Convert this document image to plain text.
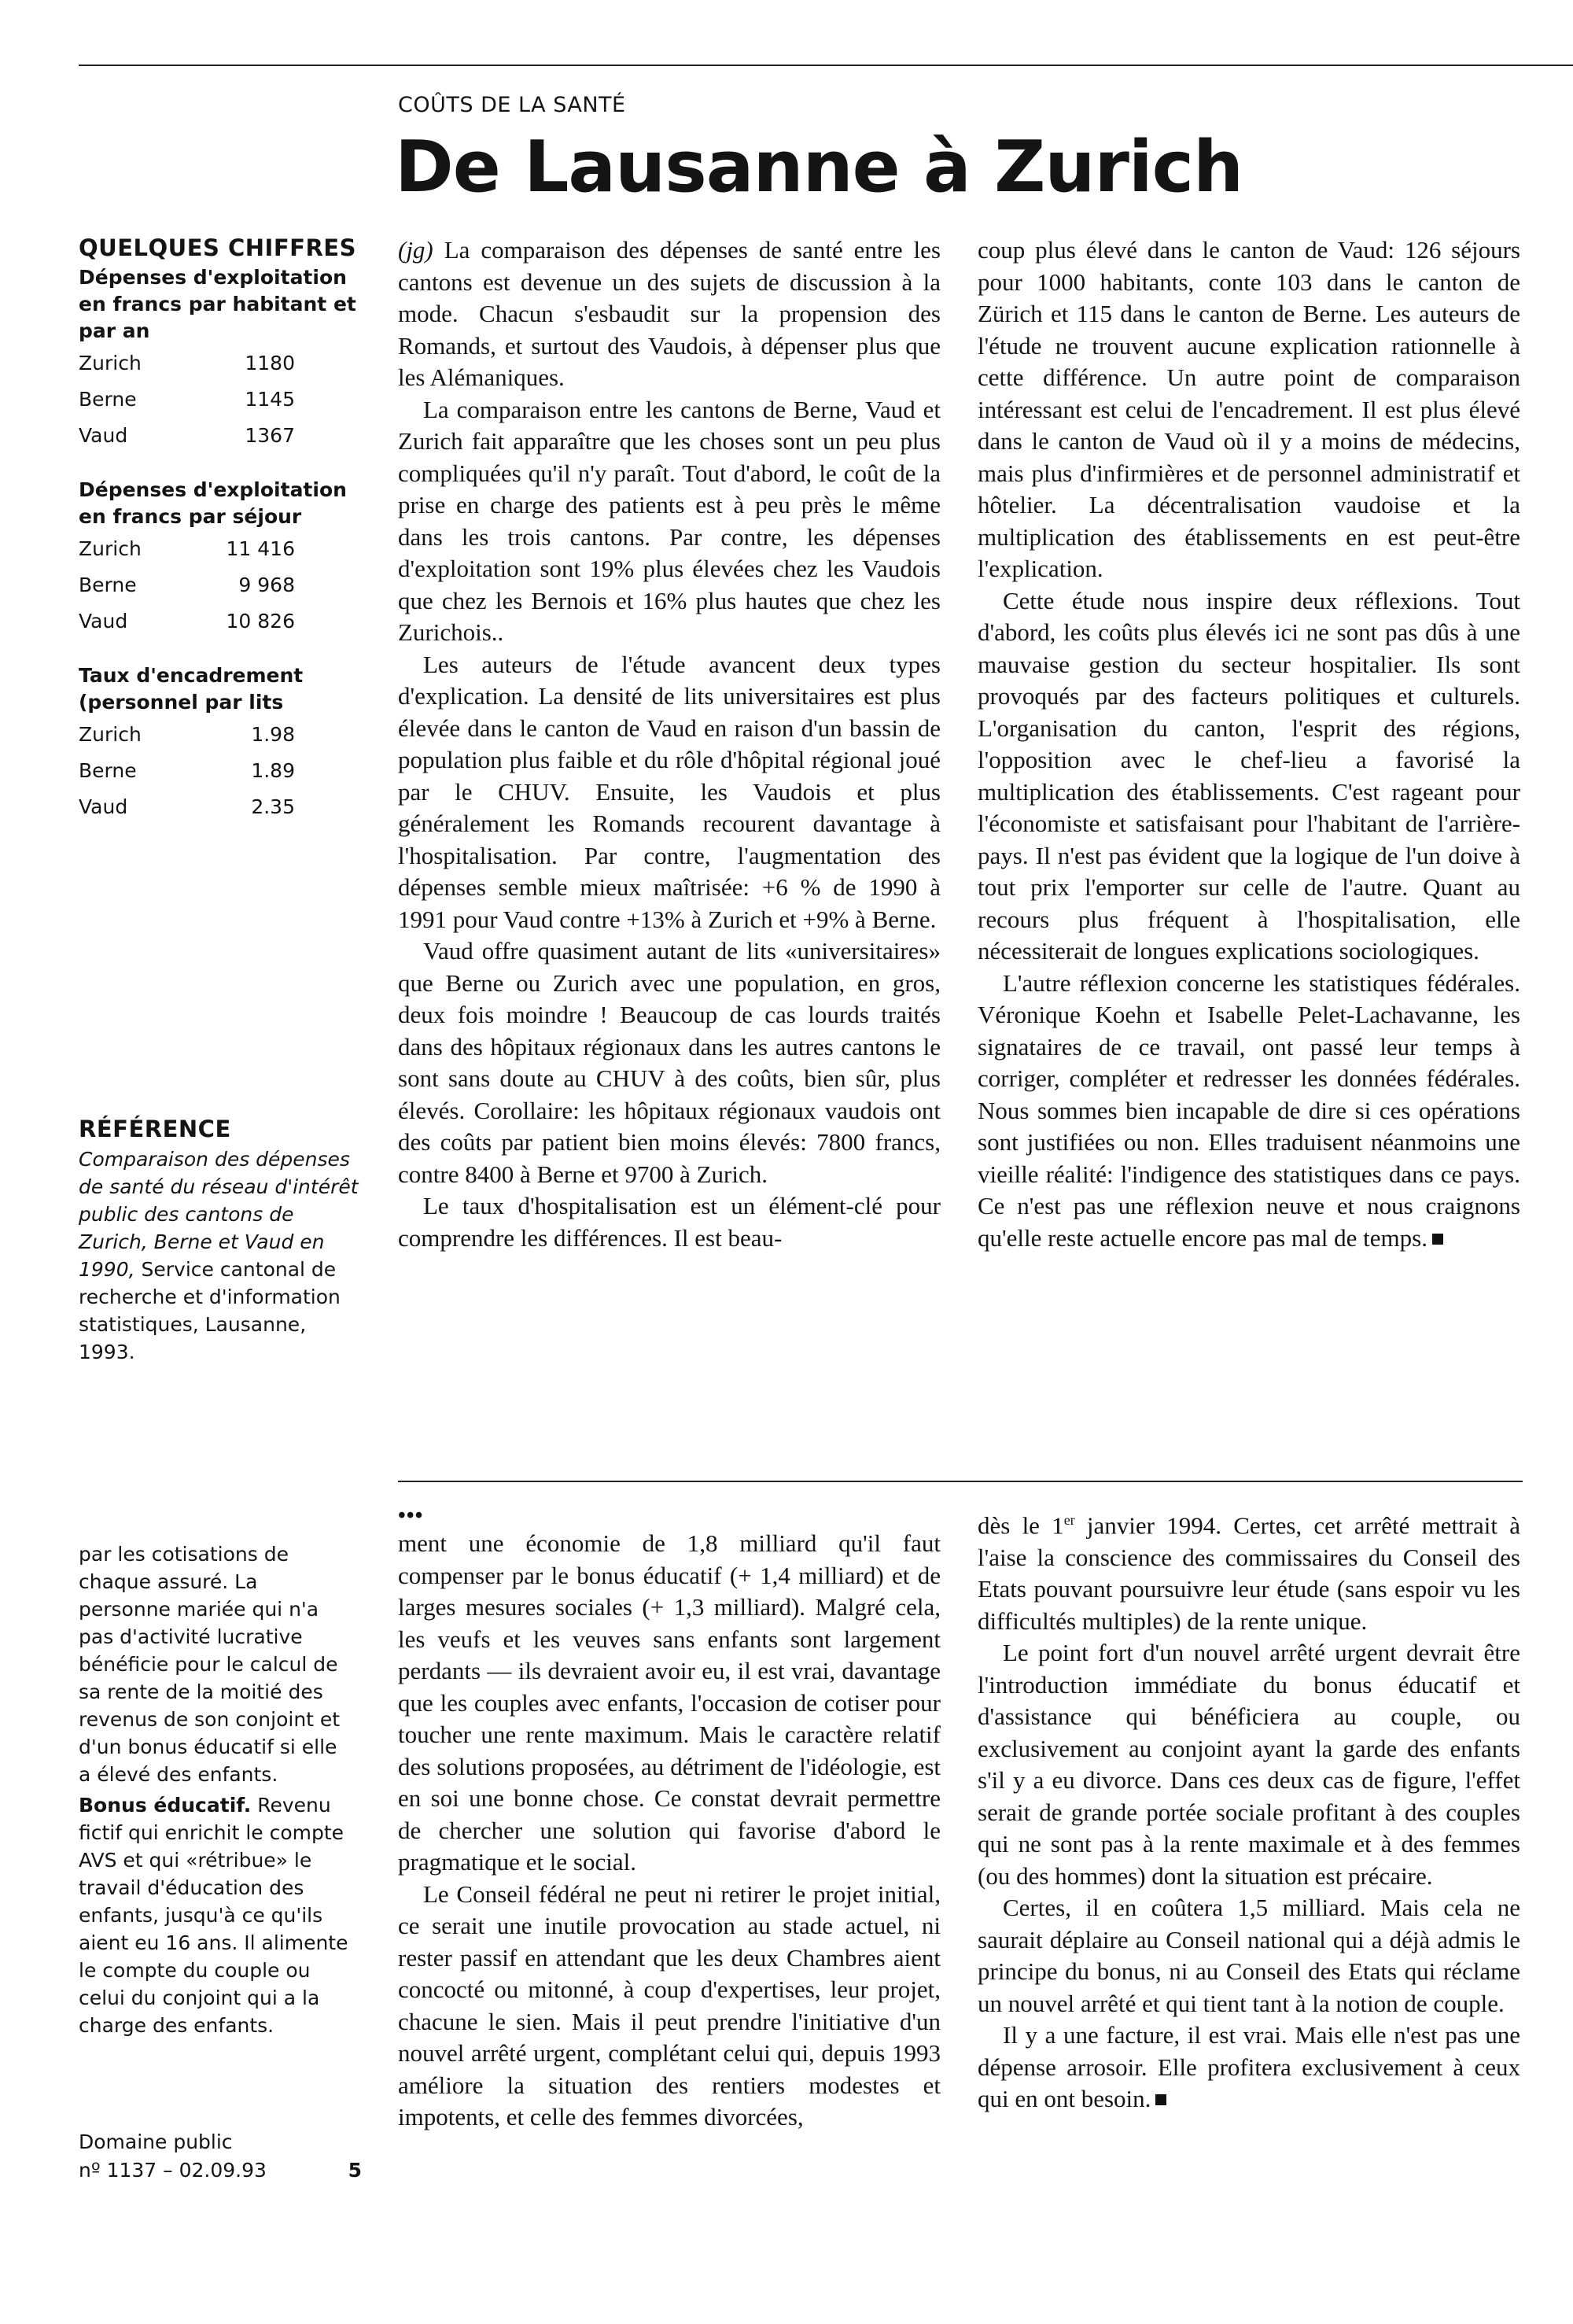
COÛTS DE LA SANTÉ
De Lausanne à Zurich
QUELQUES CHIFFRES
Dépenses d'exploitation en francs par habitant et par an
Zurich	1180
Berne	1145
Vaud	1367
Dépenses d'exploitation en francs par séjour
Zurich	11 416
Berne	9 968
Vaud	10 826
Taux d'encadrement (personnel par lits
Zurich	1.98
Berne	1.89
Vaud	2.35
RÉFÉRENCE

Comparaison des dépenses de santé du réseau d'intérêt public des cantons de Zurich, Berne et Vaud en 1990, Service cantonal de recherche et d'information statistiques, Lausanne, 1993.

(jg) La comparaison des dépenses de santé entre les cantons est devenue un des sujets de discussion à la mode. Chacun s'esbaudit sur la propension des Romands, et surtout des Vaudois, à dépenser plus que les Alémaniques.

La comparaison entre les cantons de Berne, Vaud et Zurich fait apparaître que les choses sont un peu plus compliquées qu'il n'y paraît. Tout d'abord, le coût de la prise en charge des patients est à peu près le même dans les trois cantons. Par contre, les dépenses d'exploitation sont 19% plus élevées chez les Vaudois que chez les Bernois et 16% plus hautes que chez les Zurichois..

Les auteurs de l'étude avancent deux types d'explication. La densité de lits universitaires est plus élevée dans le canton de Vaud en raison d'un bassin de population plus faible et du rôle d'hôpital régional joué par le CHUV. Ensuite, les Vaudois et plus généralement les Romands recourent davantage à l'hospitalisation. Par contre, l'augmentation des dépenses semble mieux maîtrisée: +6 % de 1990 à 1991 pour Vaud contre +13% à Zurich et +9% à Berne.

Vaud offre quasiment autant de lits «universitaires» que Berne ou Zurich avec une population, en gros, deux fois moindre ! Beaucoup de cas lourds traités dans des hôpitaux régionaux dans les autres cantons le sont sans doute au CHUV à des coûts, bien sûr, plus élevés. Corollaire: les hôpitaux régionaux vaudois ont des coûts par patient bien moins élevés: 7800 francs, contre 8400 à Berne et 9700 à Zurich.

Le taux d'hospitalisation est un élément-clé pour comprendre les différences. Il est beau-

coup plus élevé dans le canton de Vaud: 126 séjours pour 1000 habitants, conte 103 dans le canton de Zürich et 115 dans le canton de Berne. Les auteurs de l'étude ne trouvent aucune explication rationnelle à cette différence. Un autre point de comparaison intéressant est celui de l'encadrement. Il est plus élevé dans le canton de Vaud où il y a moins de médecins, mais plus d'infirmières et de personnel administratif et hôtelier. La décentralisation vaudoise et la multiplication des établissements en est peut-être l'explication.

Cette étude nous inspire deux réflexions. Tout d'abord, les coûts plus élevés ici ne sont pas dûs à une mauvaise gestion du secteur hospitalier. Ils sont provoqués par des facteurs politiques et culturels. L'organisation du canton, l'esprit des régions, l'opposition avec le chef-lieu a favorisé la multiplication des établissements. C'est rageant pour l'économiste et satisfaisant pour l'habitant de l'arrière-pays. Il n'est pas évident que la logique de l'un doive à tout prix l'emporter sur celle de l'autre. Quant au recours plus fréquent à l'hospitalisation, elle nécessiterait de longues explications sociologiques.

L'autre réflexion concerne les statistiques fédérales. Véronique Koehn et Isabelle Pelet-Lachavanne, les signataires de ce travail, ont passé leur temps à corriger, compléter et redresser les données fédérales. Nous sommes bien incapable de dire si ces opérations sont justifiées ou non. Elles traduisent néanmoins une vieille réalité: l'indigence des statistiques dans ce pays. Ce n'est pas une réflexion neuve et nous craignons qu'elle reste actuelle encore pas mal de temps.

par les cotisations de chaque assuré. La personne mariée qui n'a pas d'activité lucrative bénéficie pour le calcul de sa rente de la moitié des revenus de son conjoint et d'un bonus éducatif si elle a élevé des enfants.

Bonus éducatif. Revenu fictif qui enrichit le compte AVS et qui «rétribue» le travail d'éducation des enfants, jusqu'à ce qu'ils aient eu 16 ans. Il alimente le compte du couple ou celui du conjoint qui a la charge des enfants.

•••

ment une économie de 1,8 milliard qu'il faut compenser par le bonus éducatif (+ 1,4 milliard) et de larges mesures sociales (+ 1,3 milliard). Malgré cela, les veufs et les veuves sans enfants sont largement perdants — ils devraient avoir eu, il est vrai, davantage que les couples avec enfants, l'occasion de cotiser pour toucher une rente maximum. Mais le caractère relatif des solutions proposées, au détriment de l'idéologie, est en soi une bonne chose. Ce constat devrait permettre de chercher une solution qui favorise d'abord le pragmatique et le social.

Le Conseil fédéral ne peut ni retirer le projet initial, ce serait une inutile provocation au stade actuel, ni rester passif en attendant que les deux Chambres aient concocté ou mitonné, à coup d'expertises, leur projet, chacune le sien. Mais il peut prendre l'initiative d'un nouvel arrêté urgent, complétant celui qui, depuis 1993 améliore la situation des rentiers modestes et impotents, et celle des femmes divorcées,

dès le 1er janvier 1994. Certes, cet arrêté mettrait à l'aise la conscience des commissaires du Conseil des Etats pouvant poursuivre leur étude (sans espoir vu les difficultés multiples) de la rente unique.

Le point fort d'un nouvel arrêté urgent devrait être l'introduction immédiate du bonus éducatif et d'assistance qui bénéficiera au couple, ou exclusivement au conjoint ayant la garde des enfants s'il y a eu divorce. Dans ces deux cas de figure, l'effet serait de grande portée sociale profitant à des couples qui ne sont pas à la rente maximale et à des femmes (ou des hommes) dont la situation est précaire.

Certes, il en coûtera 1,5 milliard. Mais cela ne saurait déplaire au Conseil national qui a déjà admis le principe du bonus, ni au Conseil des Etats qui réclame un nouvel arrêté et qui tient tant à la notion de couple.

Il y a une facture, il est vrai. Mais elle n'est pas une dépense arrosoir. Elle profitera exclusivement à ceux qui en ont besoin.

Domaine public
nº 1137 – 02.09.93	5
